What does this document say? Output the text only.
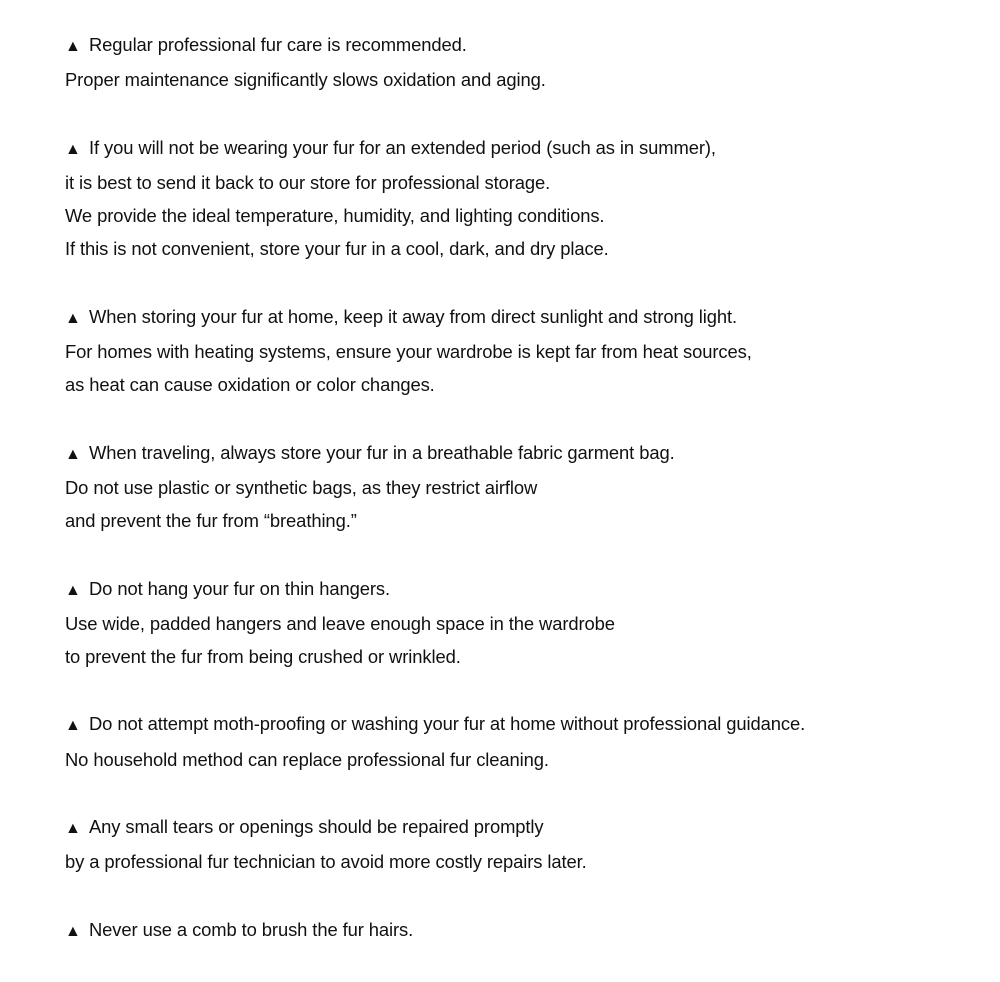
▲ Regular professional fur care is recommended.
Proper maintenance significantly slows oxidation and aging.
▲ If you will not be wearing your fur for an extended period (such as in summer),
it is best to send it back to our store for professional storage.
We provide the ideal temperature, humidity, and lighting conditions.
If this is not convenient, store your fur in a cool, dark, and dry place.
▲ When storing your fur at home, keep it away from direct sunlight and strong light.
For homes with heating systems, ensure your wardrobe is kept far from heat sources,
as heat can cause oxidation or color changes.
▲ When traveling, always store your fur in a breathable fabric garment bag.
Do not use plastic or synthetic bags, as they restrict airflow
and prevent the fur from “breathing.”
▲ Do not hang your fur on thin hangers.
Use wide, padded hangers and leave enough space in the wardrobe
to prevent the fur from being crushed or wrinkled.
▲ Do not attempt moth-proofing or washing your fur at home without professional guidance.
No household method can replace professional fur cleaning.
▲ Any small tears or openings should be repaired promptly
by a professional fur technician to avoid more costly repairs later.
▲ Never use a comb to brush the fur hairs.
